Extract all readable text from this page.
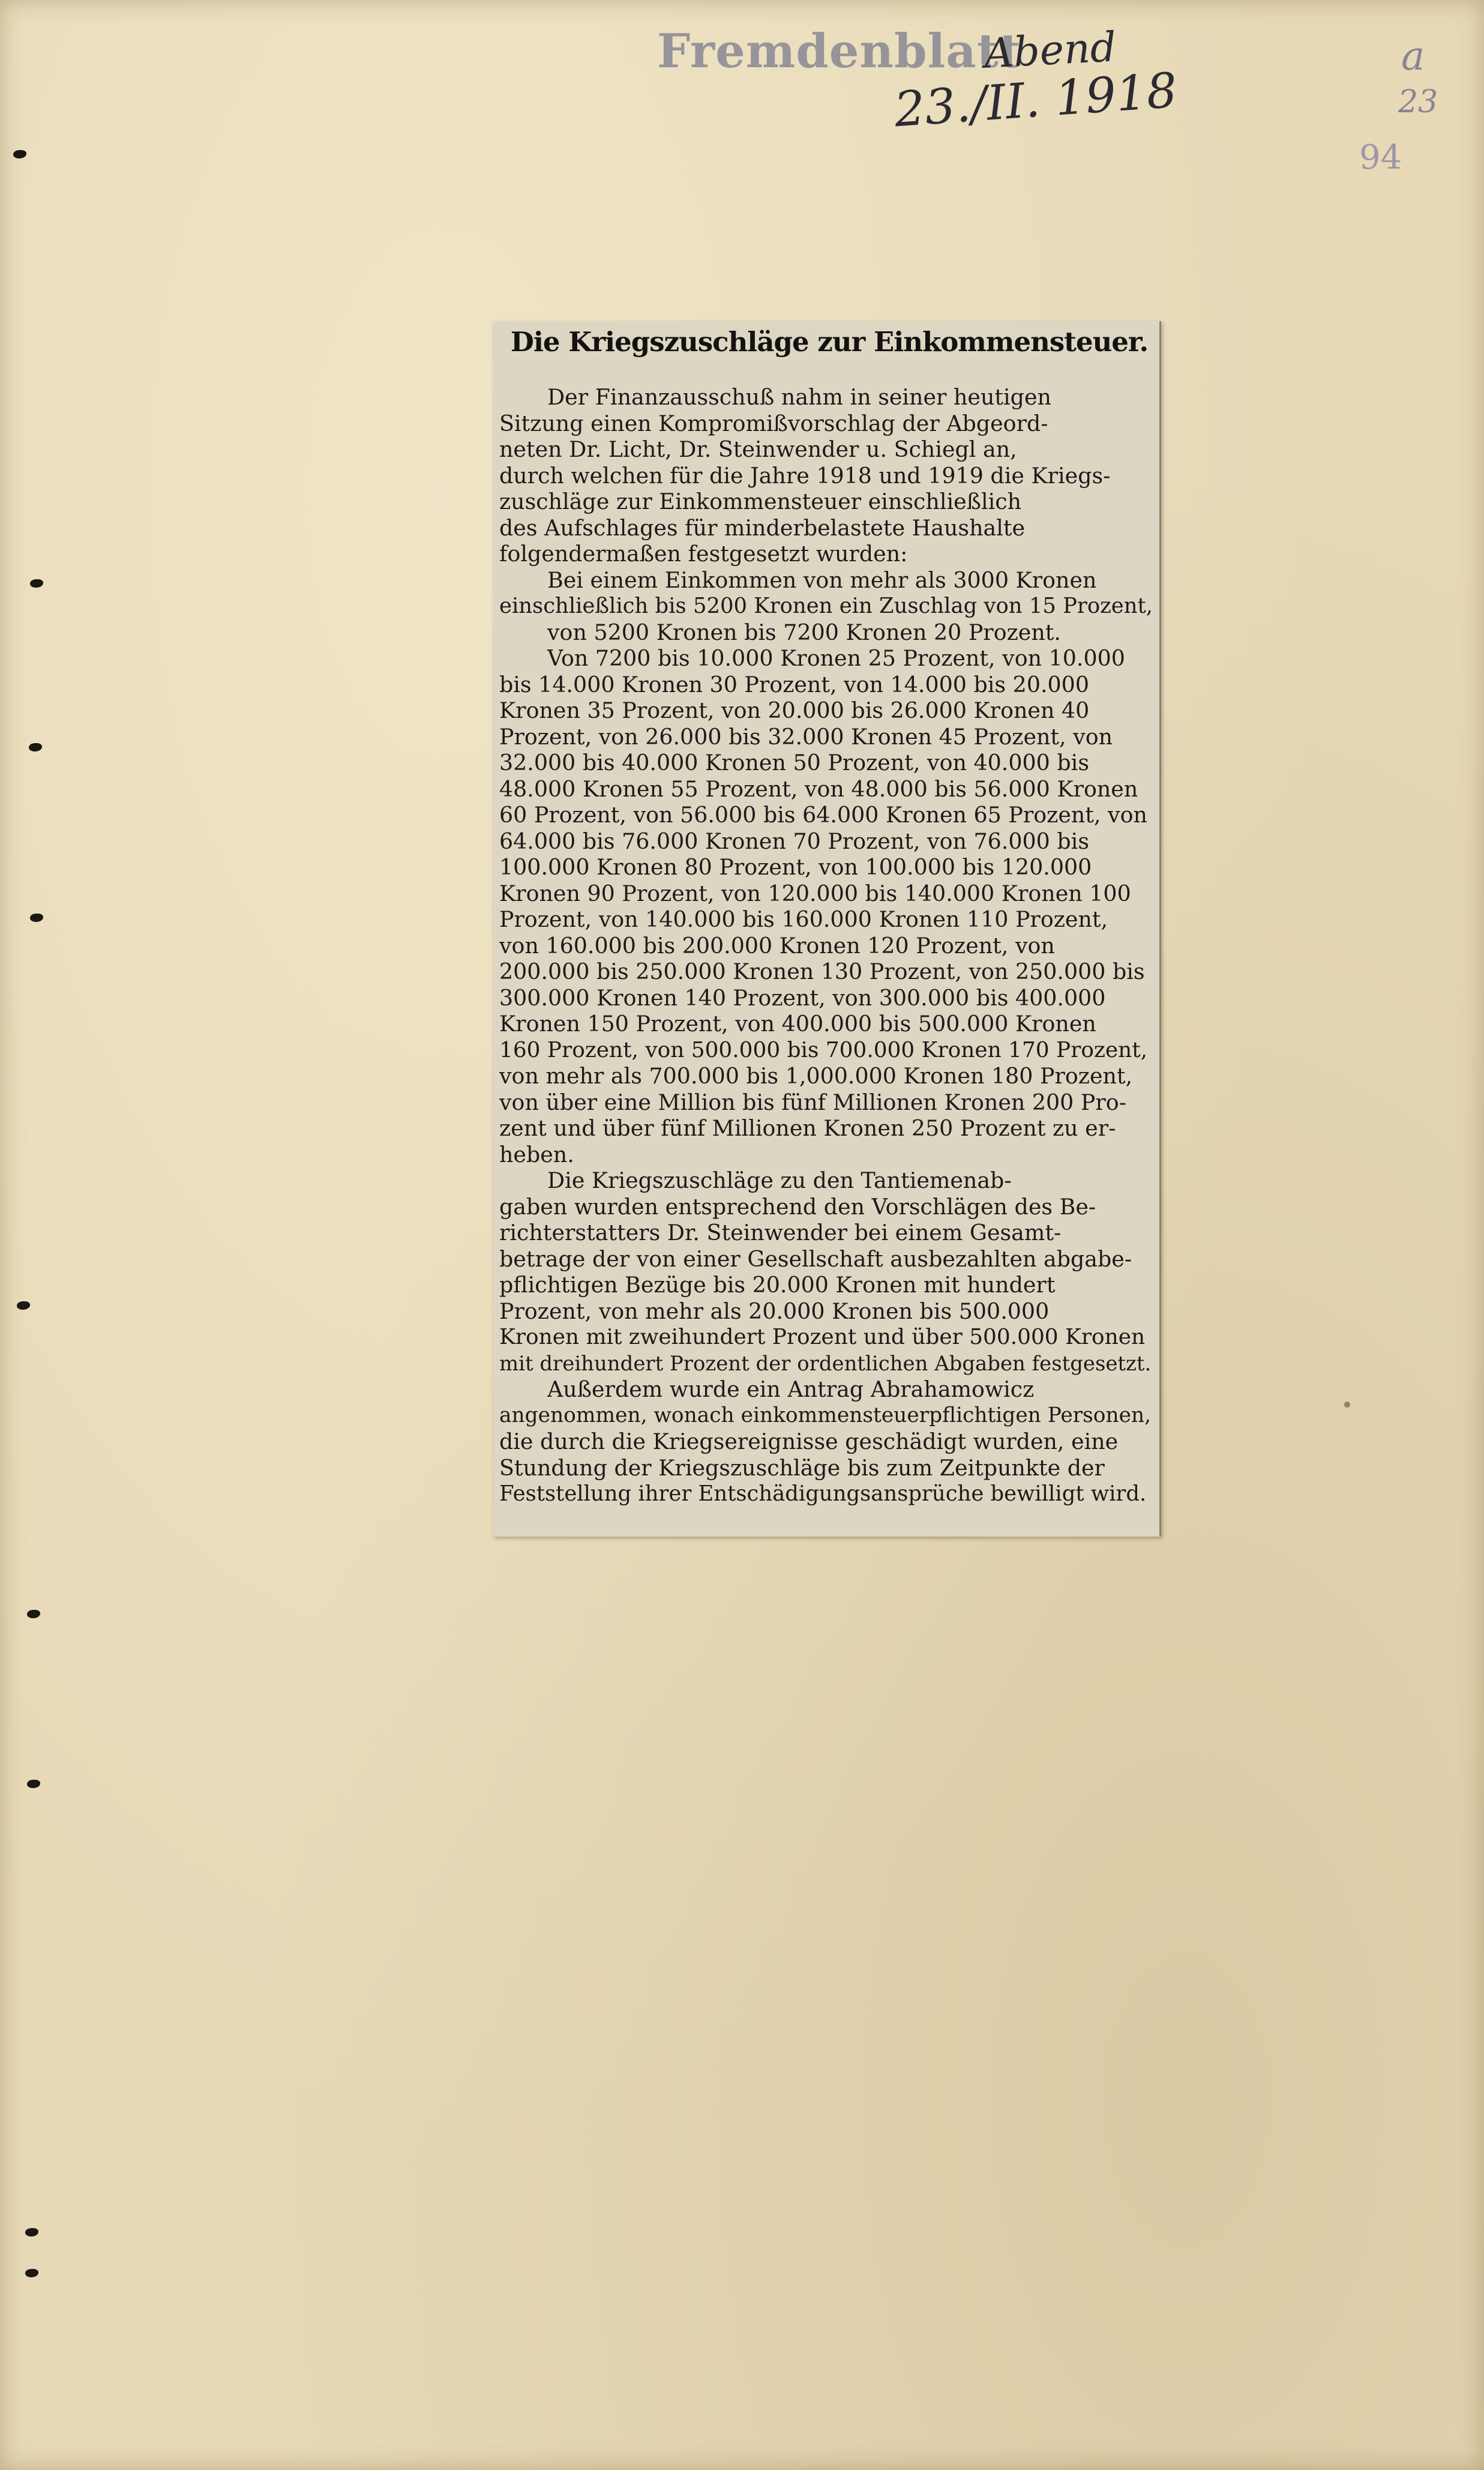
Fremdenblatt
Abend
23./II. 1918
a
23
94
Die Kriegszuschläge zur Einkommensteuer.
Der Finanzausschuß nahm in seiner heutigen
Sitzung einen Kompromißvorschlag der Abgeord-
neten Dr. Licht, Dr. Steinwender u. Schiegl an,
durch welchen für die Jahre 1918 und 1919 die Kriegs-
zuschläge zur Einkommensteuer einschließlich
des Aufschlages für minderbelastete Haushalte
folgendermaßen festgesetzt wurden:
Bei einem Einkommen von mehr als 3000 Kronen
einschließlich bis 5200 Kronen ein Zuschlag von 15 Prozent,
von 5200 Kronen bis 7200 Kronen 20 Prozent.
Von 7200 bis 10.000 Kronen 25 Prozent, von 10.000
bis 14.000 Kronen 30 Prozent, von 14.000 bis 20.000
Kronen 35 Prozent, von 20.000 bis 26.000 Kronen 40
Prozent, von 26.000 bis 32.000 Kronen 45 Prozent, von
32.000 bis 40.000 Kronen 50 Prozent, von 40.000 bis
48.000 Kronen 55 Prozent, von 48.000 bis 56.000 Kronen
60 Prozent, von 56.000 bis 64.000 Kronen 65 Prozent, von
64.000 bis 76.000 Kronen 70 Prozent, von 76.000 bis
100.000 Kronen 80 Prozent, von 100.000 bis 120.000
Kronen 90 Prozent, von 120.000 bis 140.000 Kronen 100
Prozent, von 140.000 bis 160.000 Kronen 110 Prozent,
von 160.000 bis 200.000 Kronen 120 Prozent, von
200.000 bis 250.000 Kronen 130 Prozent, von 250.000 bis
300.000 Kronen 140 Prozent, von 300.000 bis 400.000
Kronen 150 Prozent, von 400.000 bis 500.000 Kronen
160 Prozent, von 500.000 bis 700.000 Kronen 170 Prozent,
von mehr als 700.000 bis 1,000.000 Kronen 180 Prozent,
von über eine Million bis fünf Millionen Kronen 200 Pro-
zent und über fünf Millionen Kronen 250 Prozent zu er-
heben.
Die Kriegszuschläge zu den Tantiemenab-
gaben wurden entsprechend den Vorschlägen des Be-
richterstatters Dr. Steinwender bei einem Gesamt-
betrage der von einer Gesellschaft ausbezahlten abgabe-
pflichtigen Bezüge bis 20.000 Kronen mit hundert
Prozent, von mehr als 20.000 Kronen bis 500.000
Kronen mit zweihundert Prozent und über 500.000 Kronen
mit dreihundert Prozent der ordentlichen Abgaben festgesetzt.
Außerdem wurde ein Antrag Abrahamowicz
angenommen, wonach einkommensteuerpflichtigen Personen,
die durch die Kriegsereignisse geschädigt wurden, eine
Stundung der Kriegszuschläge bis zum Zeitpunkte der
Feststellung ihrer Entschädigungsansprüche bewilligt wird.
